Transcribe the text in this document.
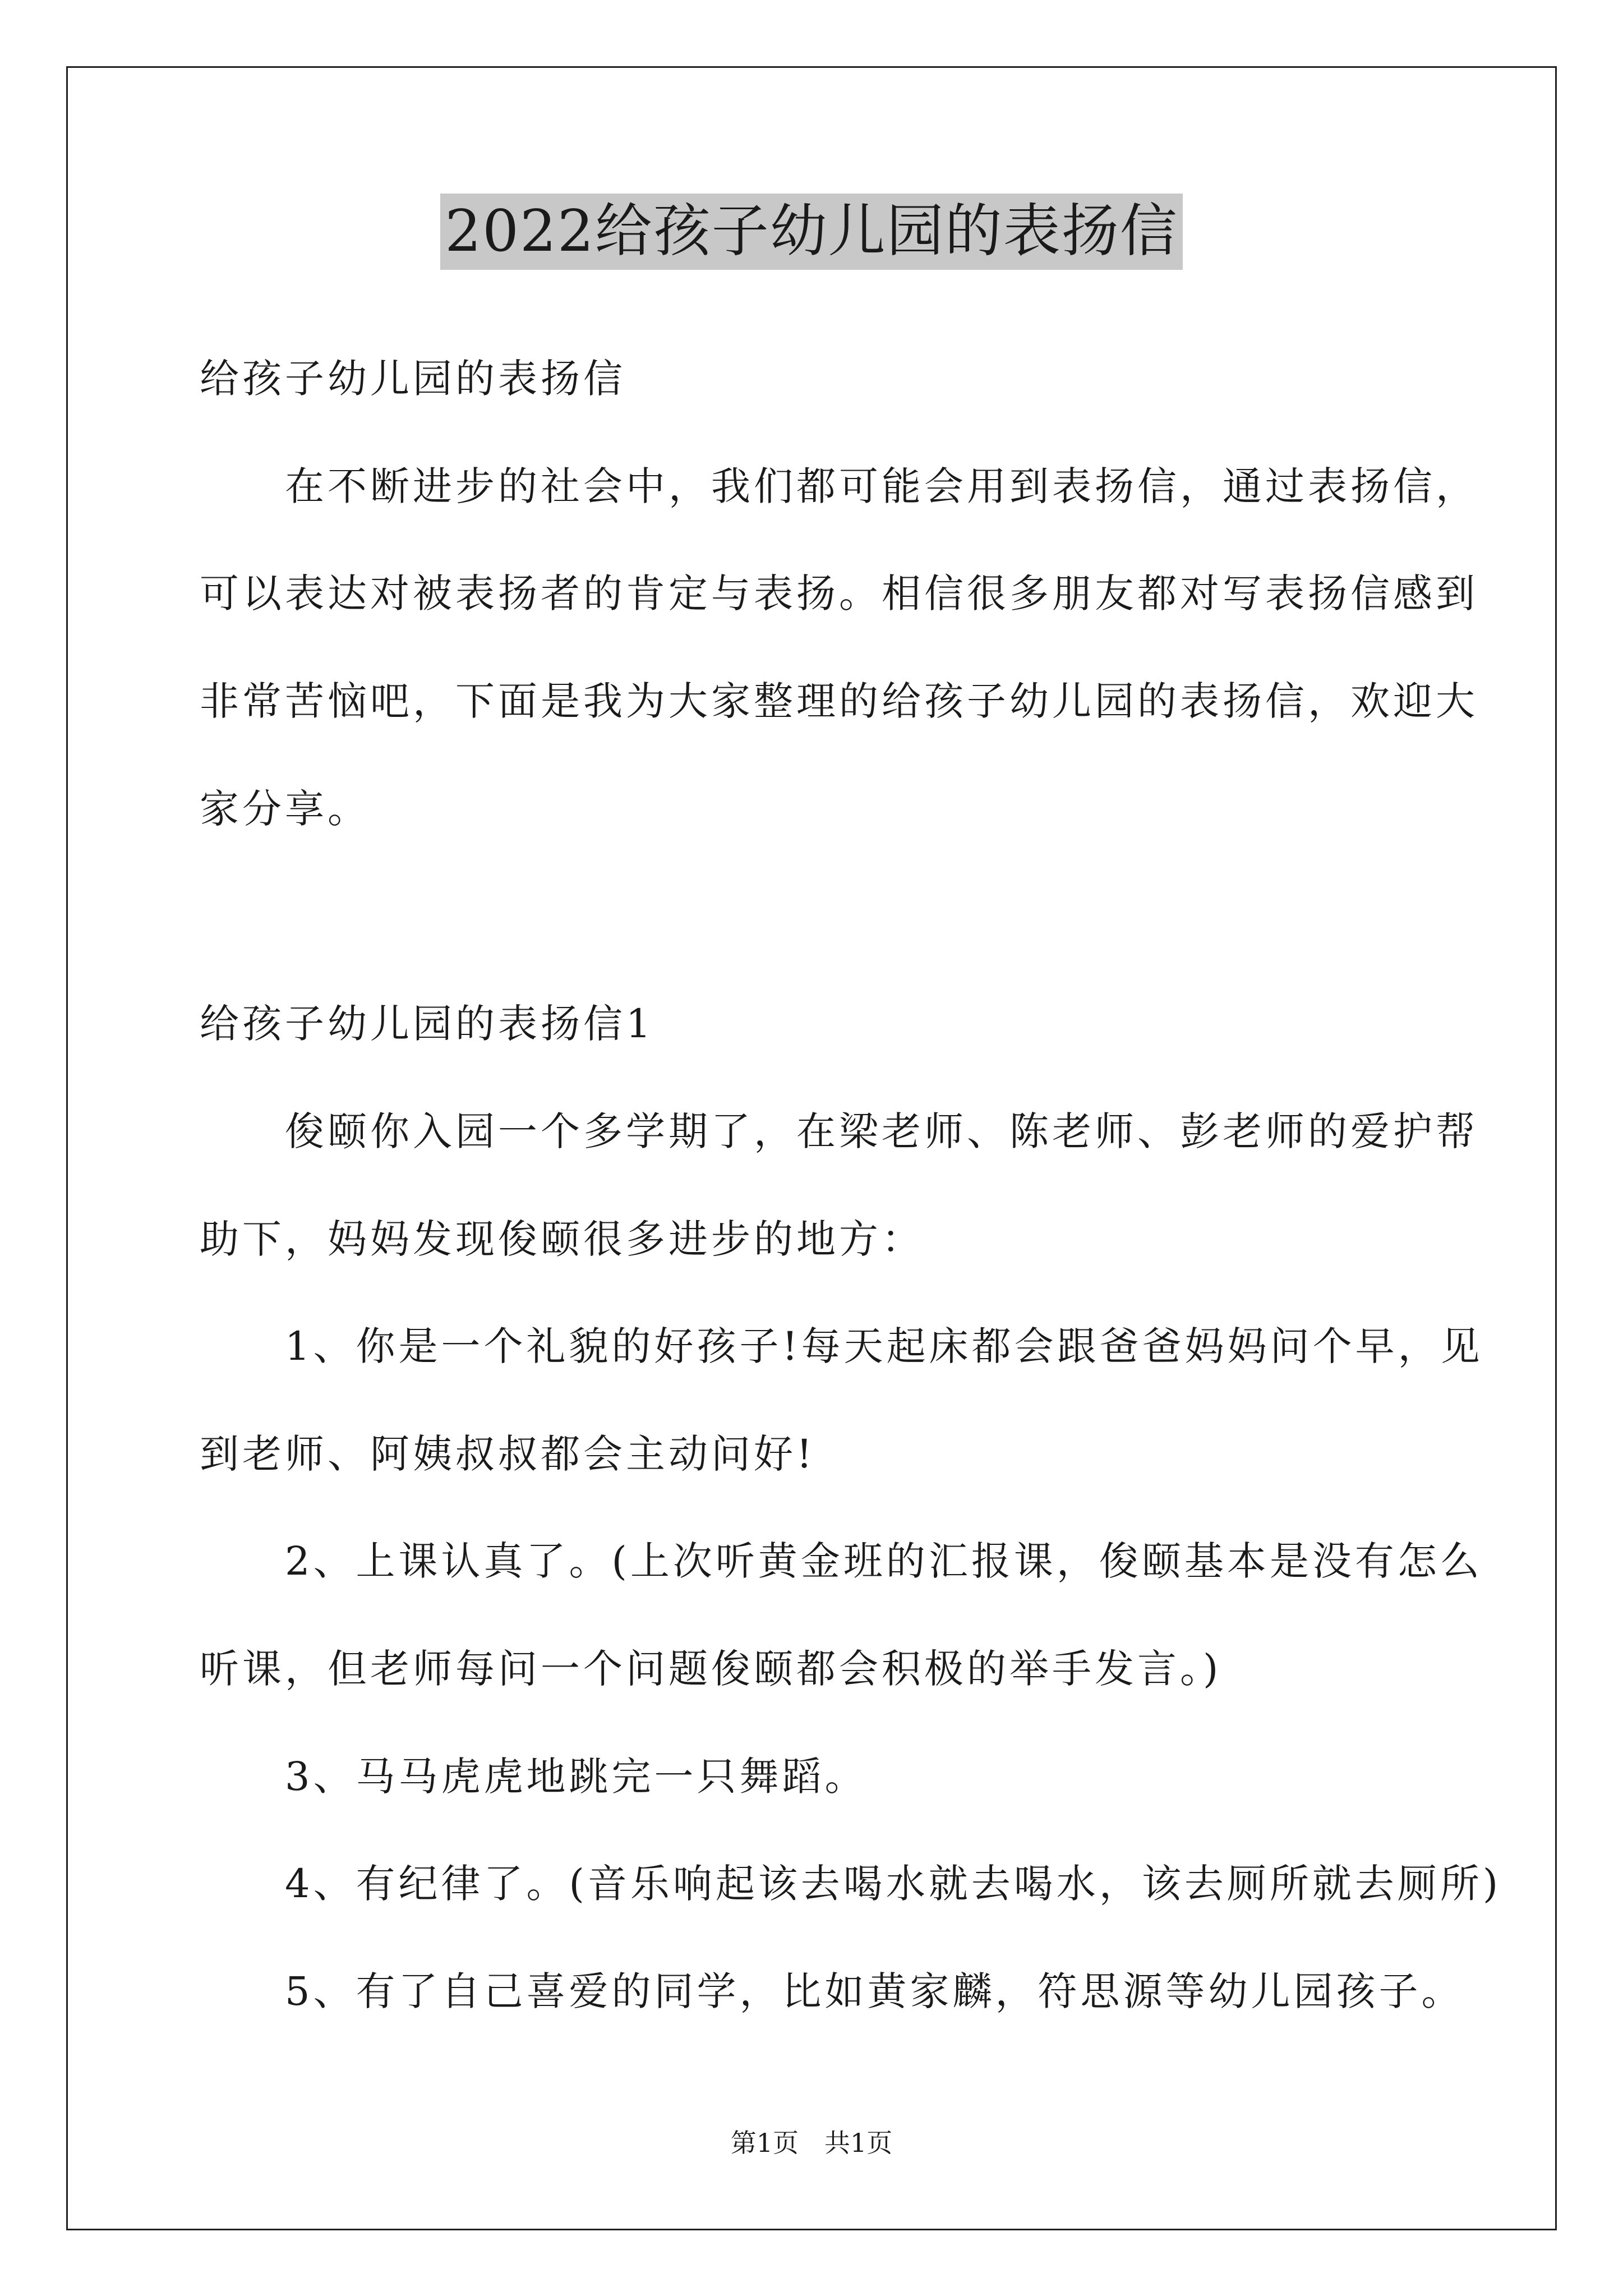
2022给孩子幼儿园的表扬信
给孩子幼儿园的表扬信
　　在不断进步的社会中，我们都可能会用到表扬信，通过表扬信，
可以表达对被表扬者的肯定与表扬。相信很多朋友都对写表扬信感到
非常苦恼吧，下面是我为大家整理的给孩子幼儿园的表扬信，欢迎大
家分享。
给孩子幼儿园的表扬信1
　　俊颐你入园一个多学期了，在梁老师、陈老师、彭老师的爱护帮
助下，妈妈发现俊颐很多进步的地方：
　　1、你是一个礼貌的好孩子!每天起床都会跟爸爸妈妈问个早，见
到老师、阿姨叔叔都会主动问好!
　　2、上课认真了。(上次听黄金班的汇报课，俊颐基本是没有怎么
听课，但老师每问一个问题俊颐都会积极的举手发言。)
　　3、马马虎虎地跳完一只舞蹈。
　　4、有纪律了。(音乐响起该去喝水就去喝水，该去厕所就去厕所)
　　5、有了自己喜爱的同学，比如黄家麟，符思源等幼儿园孩子。
第1页　共1页
